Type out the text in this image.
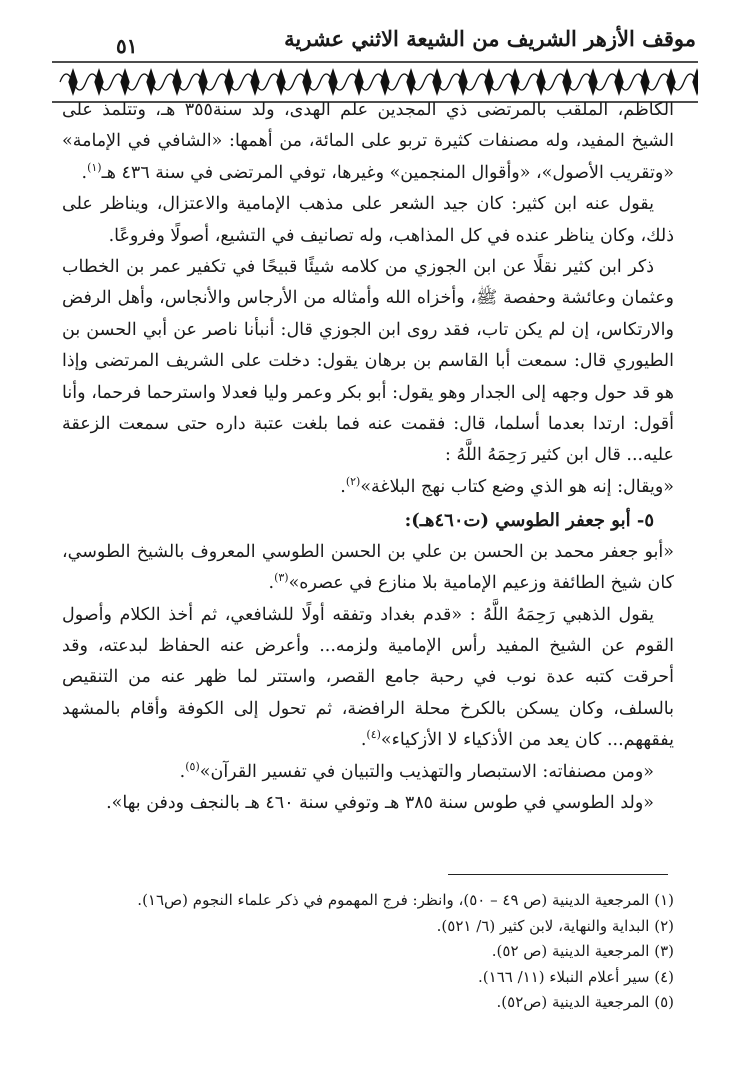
٥١	موقف الأزهر الشريف من الشيعة الاثني عشرية

الكاظم، الملقب بالمرتضى ذي المجدين علم الهدى، ولد سنة٣٥٥ هـ، وتتلمذ على الشيخ المفيد، وله مصنفات كثيرة تربو على المائة، من أهمها: «الشافي في الإمامة» «وتقريب الأصول»، «وأقوال المنجمين» وغيرها، توفي المرتضى في سنة ٤٣٦ هـ$^{(١)}$.

يقول عنه ابن كثير: كان جيد الشعر على مذهب الإمامية والاعتزال، ويناظر على ذلك، وكان يناظر عنده في كل المذاهب، وله تصانيف في التشيع، أصولًا وفروعًا.

ذكر ابن كثير نقلًا عن ابن الجوزي من كلامه شيئًا قبيحًا في تكفير عمر بن الخطاب وعثمان وعائشة وحفصة ﷺ، وأخزاه الله وأمثاله من الأرجاس والأنجاس، وأهل الرفض والارتكاس، إن لم يكن تاب، فقد روى ابن الجوزي قال: أنبأنا ناصر عن أبي الحسن بن الطيوري قال: سمعت أبا القاسم بن برهان يقول: دخلت على الشريف المرتضى وإذا هو قد حول وجهه إلى الجدار وهو يقول: أبو بكر وعمر وليا فعدلا واسترحما فرحما، وأنا أقول: ارتدا بعدما أسلما، قال: فقمت عنه فما بلغت عتبة داره حتى سمعت الزعقة عليه... قال ابن كثير رَحِمَهُ اللَّهُ :

«ويقال: إنه هو الذي وضع كتاب نهج البلاغة»$^{(٢)}$.

٥- أبو جعفر الطوسي (ت٤٦٠هـ):

«أبو جعفر محمد بن الحسن بن علي بن الحسن الطوسي المعروف بالشيخ الطوسي، كان شيخ الطائفة وزعيم الإمامية بلا منازع في عصره»$^{(٣)}$.

يقول الذهبي رَحِمَهُ اللَّهُ : «قدم بغداد وتفقه أولًا للشافعي، ثم أخذ الكلام وأصول القوم عن الشيخ المفيد رأس الإمامية ولزمه... وأعرض عنه الحفاظ لبدعته، وقد أحرقت كتبه عدة نوب في رحبة جامع القصر، واستتر لما ظهر عنه من التنقيص بالسلف، وكان يسكن بالكرخ محلة الرافضة، ثم تحول إلى الكوفة وأقام بالمشهد يفقههم... كان يعد من الأذكياء لا الأزكياء»$^{(٤)}$.

«ومن مصنفاته: الاستبصار والتهذيب والتبيان في تفسير القرآن»$^{(٥)}$.

«ولد الطوسي في طوس سنة ٣٨٥ هـ وتوفي سنة ٤٦٠ هـ بالنجف ودفن بها».

(١) المرجعية الدينية (ص ٤٩ – ٥٠)، وانظر: فرج المهموم في ذكر علماء النجوم (ص١٦).
(٢) البداية والنهاية، لابن كثير (٦/ ٥٢١).
(٣) المرجعية الدينية (ص ٥٢).
(٤) سير أعلام النبلاء (١١/ ١٦٦).
(٥) المرجعية الدينية (ص٥٢).
